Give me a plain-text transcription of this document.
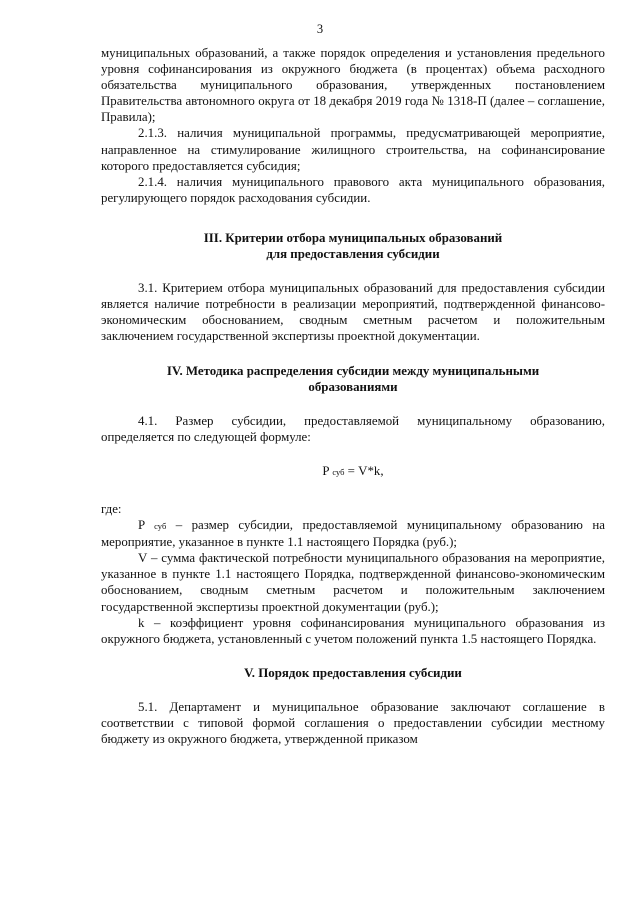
3

муниципальных образований, а также порядок определения и установления предельного уровня софинансирования из окружного бюджета (в процентах) объема расходного обязательства муниципального образования, утвержденных постановлением Правительства автономного округа от 18 декабря 2019 года № 1318-П (далее – соглашение, Правила);

2.1.3. наличия муниципальной программы, предусматривающей мероприятие, направленное на стимулирование жилищного строительства, на софинансирование которого предоставляется субсидия;

2.1.4. наличия муниципального правового акта муниципального образования, регулирующего порядок расходования субсидии.

III. Критерии отбора муниципальных образований
для предоставления субсидии

3.1. Критерием отбора муниципальных образований для предоставления субсидии является наличие потребности в реализации мероприятий, подтвержденной финансово-экономическим обоснованием, сводным сметным расчетом и положительным заключением государственной экспертизы проектной документации.

IV. Методика распределения субсидии между муниципальными
образованиями

4.1. Размер субсидии, предоставляемой муниципальному образованию, определяется по следующей формуле:

P суб = V*k,

где:

P суб – размер субсидии, предоставляемой муниципальному образованию на мероприятие, указанное в пункте 1.1 настоящего Порядка (руб.);

V – сумма фактической потребности муниципального образования на мероприятие, указанное в пункте 1.1 настоящего Порядка, подтвержденной финансово-экономическим обоснованием, сводным сметным расчетом и положительным заключением государственной экспертизы проектной документации (руб.);

k – коэффициент уровня софинансирования муниципального образования из окружного бюджета, установленный с учетом положений пункта 1.5 настоящего Порядка.

V. Порядок предоставления субсидии

5.1. Департамент и муниципальное образование заключают соглашение в соответствии с типовой формой соглашения о предоставлении субсидии местному бюджету из окружного бюджета, утвержденной приказом
